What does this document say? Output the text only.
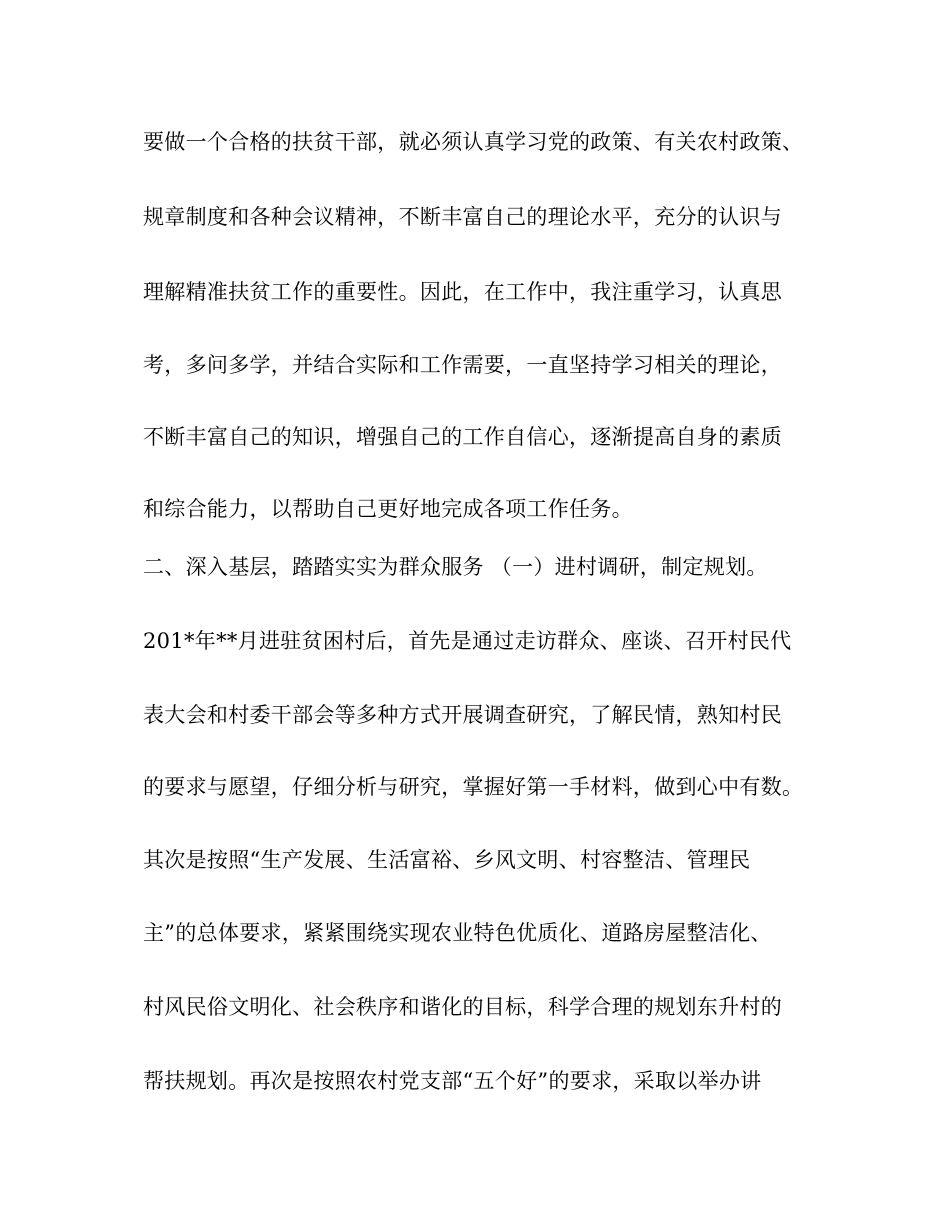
要做一个合格的扶贫干部，就必须认真学习党的政策、有关农村政策、
规章制度和各种会议精神，不断丰富自己的理论水平，充分的认识与
理解精准扶贫工作的重要性。因此，在工作中，我注重学习，认真思
考，多问多学，并结合实际和工作需要，一直坚持学习相关的理论，
不断丰富自己的知识，增强自己的工作自信心，逐渐提高自身的素质
和综合能力，以帮助自己更好地完成各项工作任务。
二、深入基层，踏踏实实为群众服务 （一）进村调研，制定规划。
201*年**月进驻贫困村后，首先是通过走访群众、座谈、召开村民代
表大会和村委干部会等多种方式开展调查研究，了解民情，熟知村民
的要求与愿望，仔细分析与研究，掌握好第一手材料，做到心中有数。
其次是按照“生产发展、生活富裕、乡风文明、村容整洁、管理民
主”的总体要求，紧紧围绕实现农业特色优质化、道路房屋整洁化、
村风民俗文明化、社会秩序和谐化的目标，科学合理的规划东升村的
帮扶规划。再次是按照农村党支部“五个好”的要求，采取以举办讲
